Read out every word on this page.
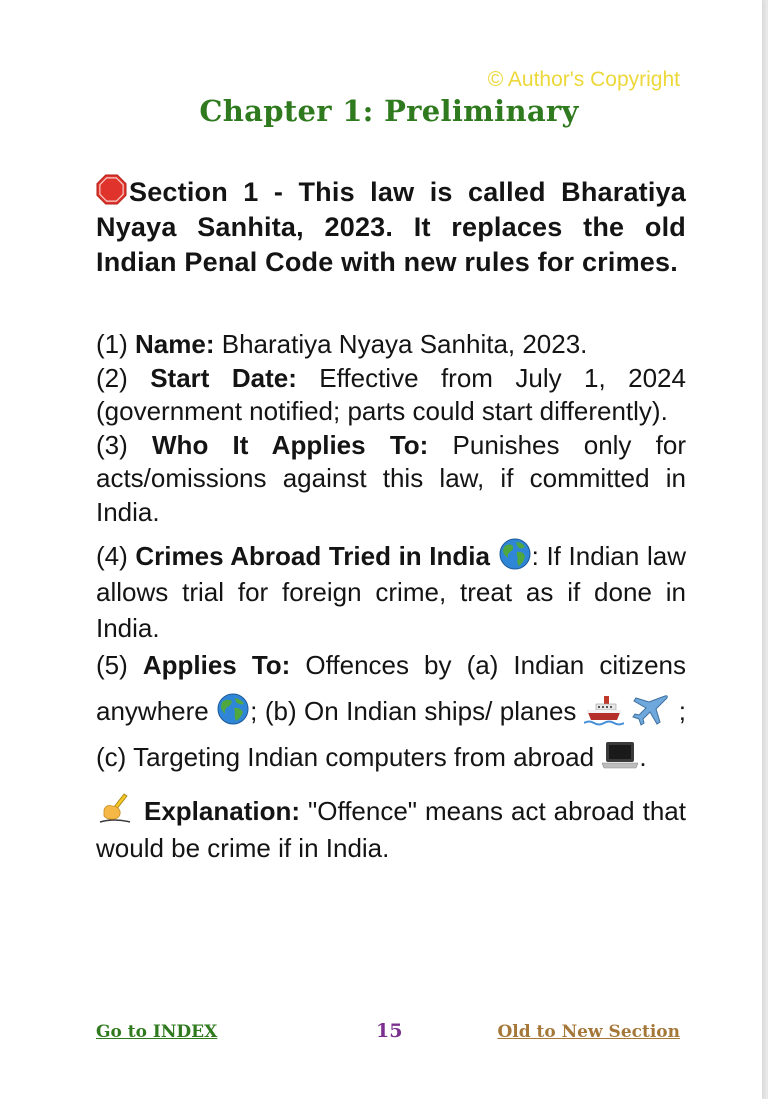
© Author's Copyright
Chapter 1: Preliminary

Section 1 - This law is called Bharatiya Nyaya Sanhita, 2023. It replaces the old Indian Penal Code with new rules for crimes.

(1) Name: Bharatiya Nyaya Sanhita, 2023.

(2) Start Date: Effective from July 1, 2024 (government notified; parts could start differently).

(3) Who It Applies To: Punishes only for acts/omissions against this law, if committed in India.

(4) Crimes Abroad Tried in India : If Indian law allows trial for foreign crime, treat as if done in India.

(5) Applies To: Offences by (a) Indian citizens anywhere ; (b) On Indian ships/ planes	; (c) Targeting Indian computers from abroad .

Explanation: "Offence" means act abroad that would be crime if in India.

Go to INDEX	15	Old to New Section
